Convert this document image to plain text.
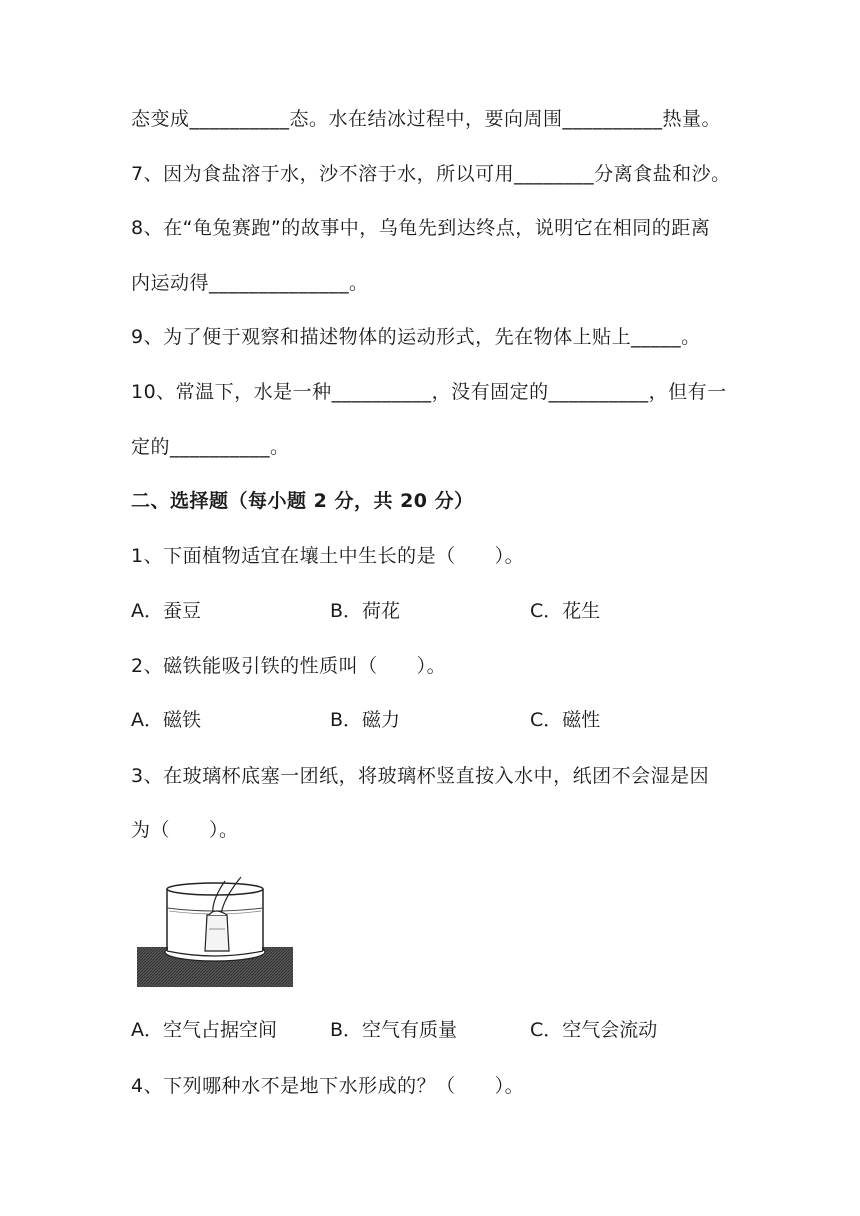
态变成__________态。水在结冰过程中，要向周围__________热量。
7、因为食盐溶于水，沙不溶于水，所以可用________分离食盐和沙。
8、在“龟兔赛跑”的故事中，乌龟先到达终点，说明它在相同的距离
内运动得______________。
9、为了便于观察和描述物体的运动形式，先在物体上贴上_____。
10、常温下，水是一种__________，没有固定的__________，但有一
定的__________。
二、选择题（每小题 2 分，共 20 分）
1、下面植物适宜在壤土中生长的是（　　）。
A．蚕豆	B．荷花	C．花生
2、磁铁能吸引铁的性质叫（　　）。
A．磁铁	B．磁力	C．磁性
3、在玻璃杯底塞一团纸，将玻璃杯竖直按入水中，纸团不会湿是因
为（　　）。
A．空气占据空间	B．空气有质量	C．空气会流动
4、下列哪种水不是地下水形成的？（　　）。
